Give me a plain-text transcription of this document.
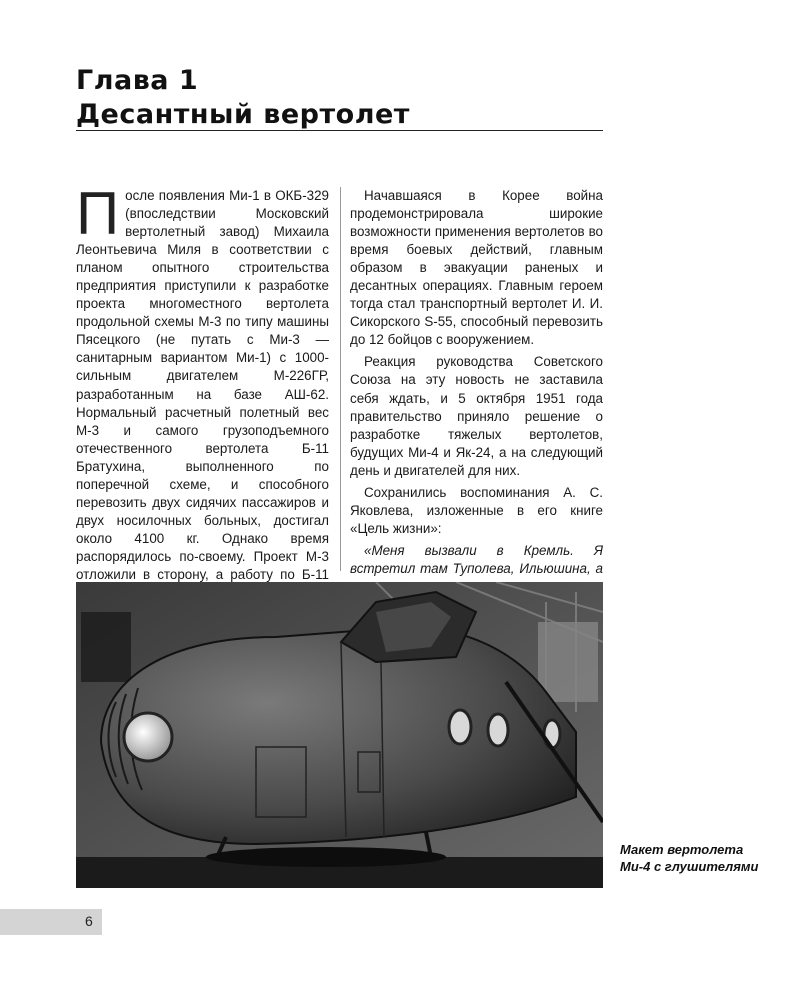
Глава 1
Десантный вертолет

После появления Ми-1 в ОКБ-329 (впоследствии Московский вертолетный завод) Михаила Леонтьевича Миля в соответствии с планом опытного строительства предприятия приступили к разработке проекта многоместного вертолета продольной схемы М-3 по типу машины Пясецкого (не путать с Ми-3 — санитарным вариантом Ми-1) с 1000-сильным двигателем М-226ГР, разработанным на базе АШ-62. Нормальный расчетный полетный вес М-3 и самого грузоподъемного отечественного вертолета Б-11 Братухина, выполненного по поперечной схеме, и способного перевозить двух сидячих пассажиров и двух носилочных больных, достигал около 4100 кг. Однако время распорядилось по-своему. Проект М-3 отложили в сторону, а работу по Б-11

Начавшаяся в Корее война продемонстрировала широкие возможности применения вертолетов во время боевых действий, главным образом в эвакуации раненых и десантных операциях. Главным героем тогда стал транспортный вертолет И. И. Сикорского S-55, способный перевозить до 12 бойцов с вооружением.

Реакция руководства Советского Союза на эту новость не заставила себя ждать, и 5 октября 1951 года правительство приняло решение о разработке тяжелых вертолетов, будущих Ми-4 и Як-24, а на следующий день и двигателей для них.

Сохранились воспоминания А. С. Яковлева, изложенные в его книге «Цель жизни»:

«Меня вызвали в Кремль. Я встретил там Туполева, Ильюшина, а

Макет вертолета Ми-4 с глушителями
6
